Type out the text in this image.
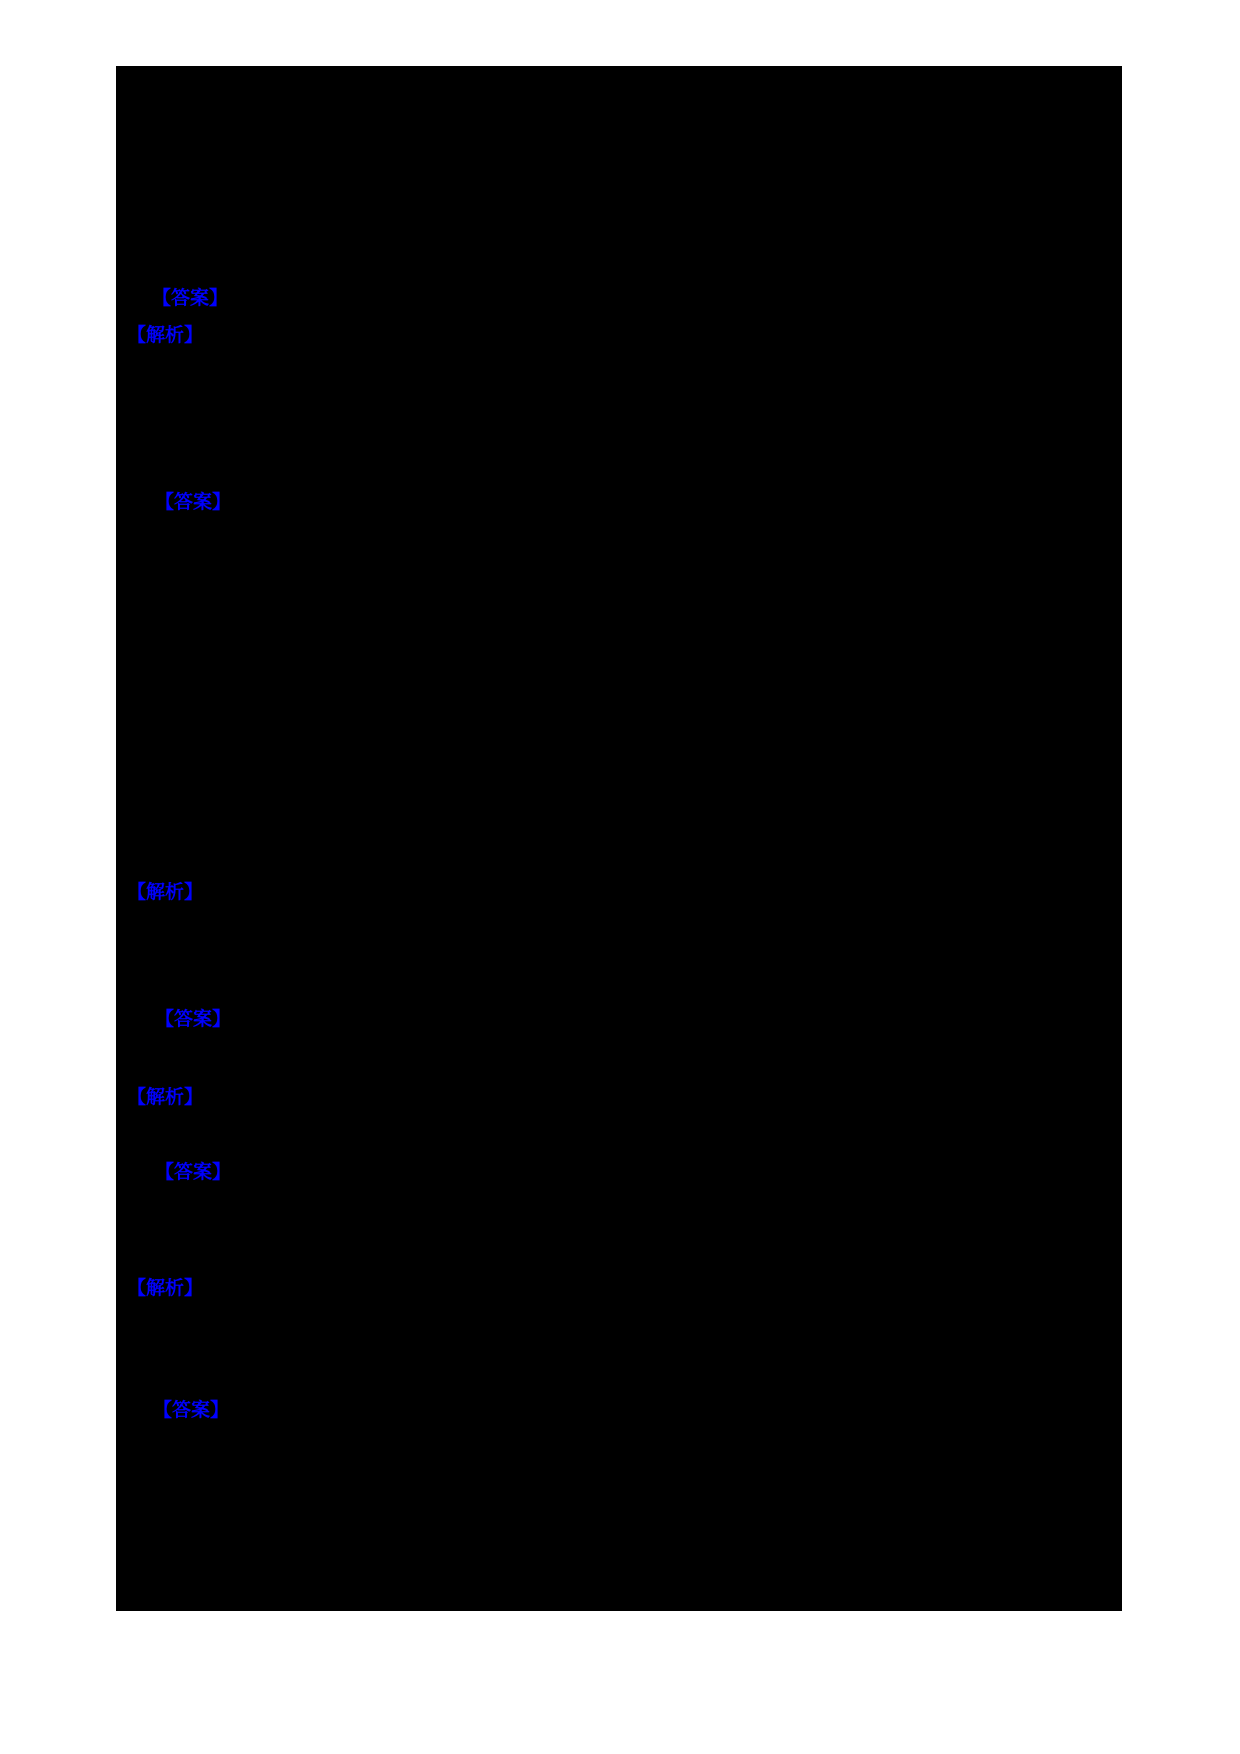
【答案】
【解析】
【答案】
【解析】
【答案】
【解析】
【答案】
【解析】
【答案】
